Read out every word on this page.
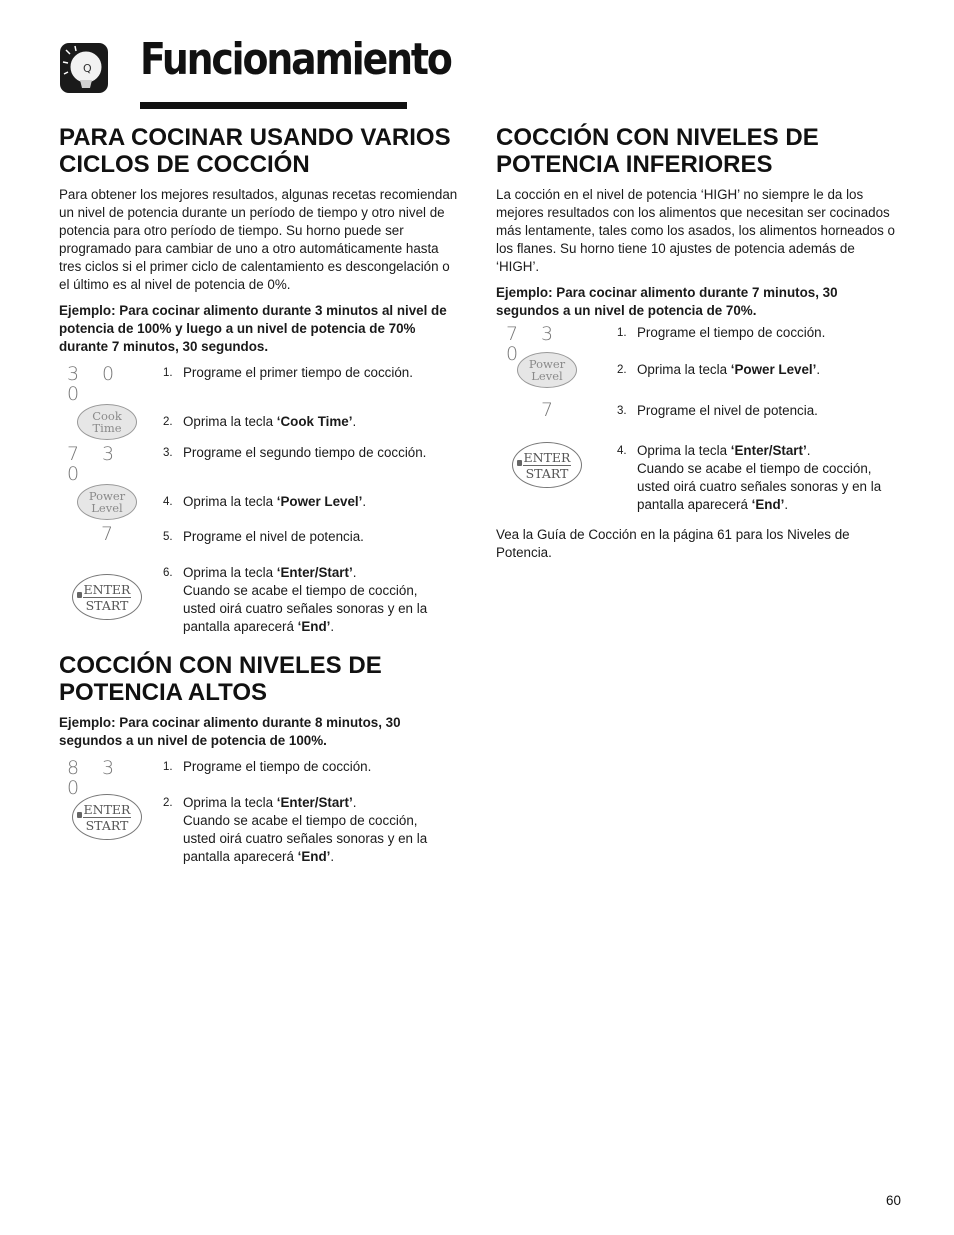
Q Funcionamiento
PARA COCINAR USANDO VARIOS CICLOS DE COCCIÓN

Para obtener los mejores resultados, algunas recetas recomiendan un nivel de potencia durante un período de tiempo y otro nivel de potencia para otro período de tiempo. Su horno puede ser programado para cambiar de uno a otro automáticamente hasta tres ciclos si el primer ciclo de calentamiento es descongelación o el último es al nivel de potencia de 0%.

Ejemplo: Para cocinar alimento durante 3 minutos al nivel de potencia de 100% y luego a un nivel de potencia de 70% durante 7 minutos, 30 segundos.

3 00
1. Programe el primer tiempo de cocción.
Cook
Time	2. Oprima la tecla ‘Cook Time’.
7 30
3. Programe el segundo tiempo de cocción.
Power
Level	4. Oprima la tecla ‘Power Level’.
7	5. Programe el nivel de potencia.
ENTER
START
6. Oprima la tecla ‘Enter/Start’.
Cuando se acabe el tiempo de cocción, usted oirá cuatro señales sonoras y en la pantalla aparecerá ‘End’.
COCCIÓN CON NIVELES DE POTENCIA ALTOS

Ejemplo: Para cocinar alimento durante 8 minutos, 30 segundos a un nivel de potencia de 100%.

8 30
1. Programe el tiempo de cocción.
ENTER
START
2. Oprima la tecla ‘Enter/Start’.
Cuando se acabe el tiempo de cocción, usted oirá cuatro señales sonoras y en la pantalla aparecerá ‘End’.
COCCIÓN CON NIVELES DE POTENCIA INFERIORES

La cocción en el nivel de potencia ‘HIGH’ no siempre le da los mejores resultados con los alimentos que necesitan ser cocinados más lentamente, tales como los asados, los alimentos horneados o los flanes. Su horno tiene 10 ajustes de potencia además de ‘HIGH’.

Ejemplo: Para cocinar alimento durante 7 minutos, 30 segundos a un nivel de potencia de 70%.

7 30
1. Programe el tiempo de cocción.
Power
Level	2. Oprima la tecla ‘Power Level’.
7	3. Programe el nivel de potencia.
ENTER
START
4. Oprima la tecla ‘Enter/Start’.
Cuando se acabe el tiempo de cocción, usted oirá cuatro señales sonoras y en la pantalla aparecerá ‘End’.

Vea la Guía de Cocción en la página 61 para los Niveles de Potencia.

60
